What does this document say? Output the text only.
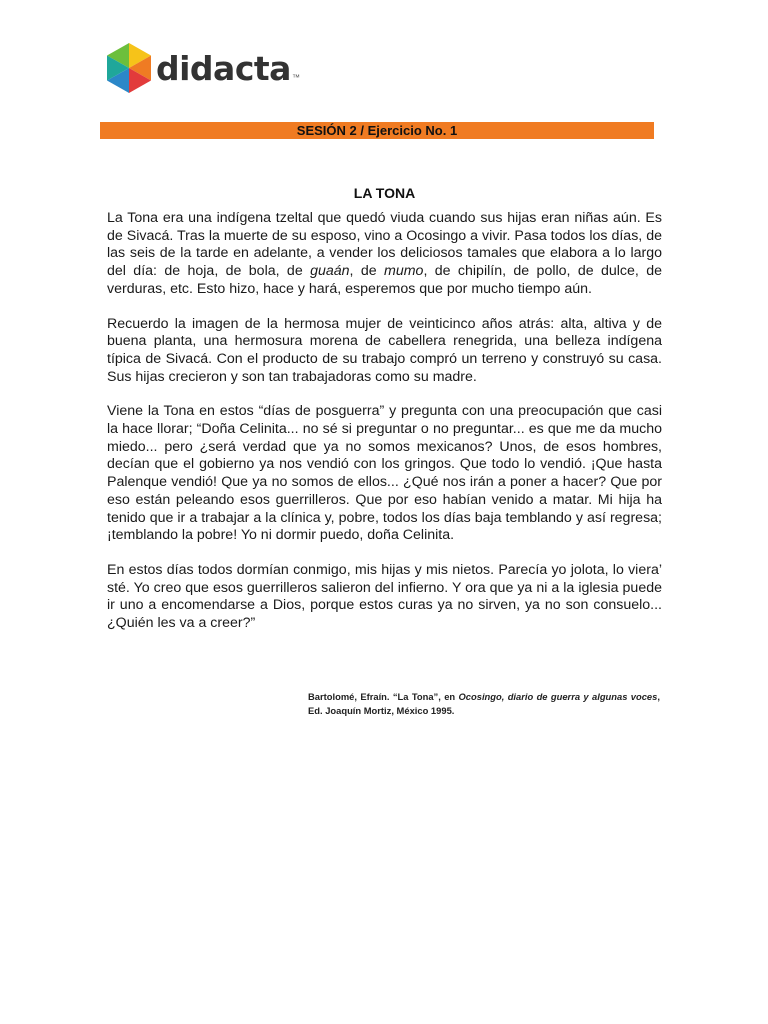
didacta ™
SESIÓN 2 / Ejercicio No. 1
LA TONA

La Tona era una indígena tzeltal que quedó viuda cuando sus hijas eran niñas aún. Es de Sivacá. Tras la muerte de su esposo, vino a Ocosingo a vivir. Pasa todos los días, de las seis de la tarde en adelante, a vender los deliciosos tamales que elabora a lo largo del día: de hoja, de bola, de guaán, de mumo, de chipilín, de pollo, de dulce, de verduras, etc. Esto hizo, hace y hará, esperemos que por mucho tiempo aún.

Recuerdo la imagen de la hermosa mujer de veinticinco años atrás: alta, altiva y de buena planta, una hermosura morena de cabellera renegrida, una belleza indígena típica de Sivacá. Con el producto de su trabajo compró un terreno y construyó su casa. Sus hijas crecieron y son tan trabajadoras como su madre.

Viene la Tona en estos “días de posguerra” y pregunta con una preocupación que casi la hace llorar; “Doña Celinita... no sé si preguntar o no preguntar... es que me da mucho miedo... pero ¿será verdad que ya no somos mexicanos? Unos, de esos hombres, decían que el gobierno ya nos vendió con los gringos. Que todo lo vendió. ¡Que hasta Palenque vendió! Que ya no somos de ellos... ¿Qué nos irán a poner a hacer? Que por eso están peleando esos guerrilleros. Que por eso habían venido a matar. Mi hija ha tenido que ir a trabajar a la clínica y, pobre, todos los días baja temblando y así regresa; ¡temblando la pobre! Yo ni dormir puedo, doña Celinita.

En estos días todos dormían conmigo, mis hijas y mis nietos. Parecía yo jolota, lo viera’ sté. Yo creo que esos guerrilleros salieron del infierno. Y ora que ya ni a la iglesia puede ir uno a encomendarse a Dios, porque estos curas ya no sirven, ya no son consuelo... ¿Quién les va a creer?”

Bartolomé, Efraín. “La Tona”, en Ocosingo, diario de guerra y algunas voces, Ed. Joaquín Mortiz, México 1995.
